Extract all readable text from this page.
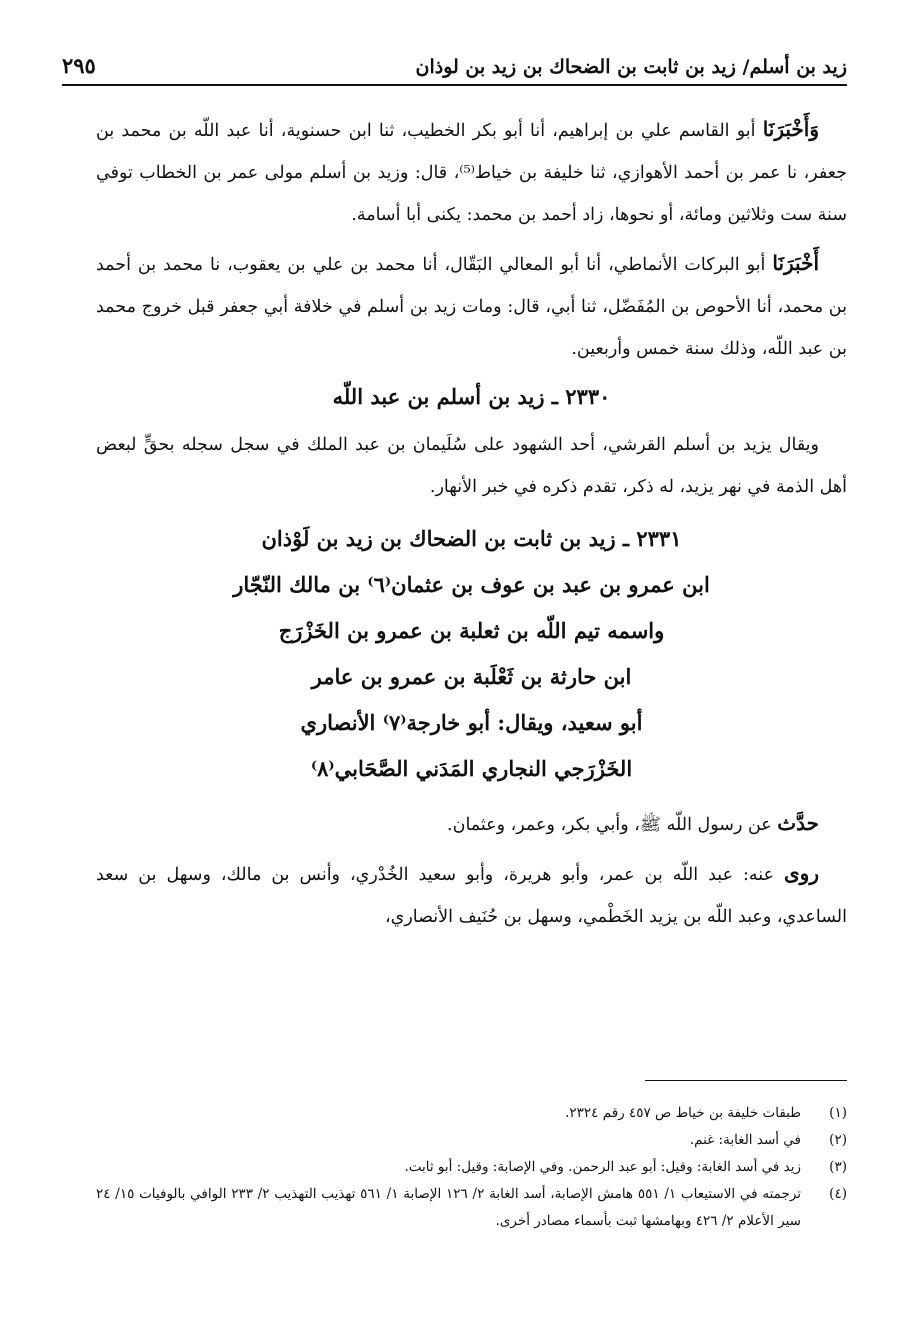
زيد بن أسلم/ زيد بن ثابت بن الضحاك بن زيد بن لوذان
٢٩٥

وَأَخْبَرَنَا أبو القاسم علي بن إبراهيم، أنا أبو بكر الخطيب، ثنا ابن حسنوية، أنا عبد اللّه بن محمد بن جعفر، نا عمر بن أحمد الأهوازي، ثنا خليفة بن خياط⁽⁵⁾، قال: وزيد بن أسلم مولى عمر بن الخطاب توفي سنة ست وثلاثين ومائة، أو نحوها، زاد أحمد بن محمد: يكنى أبا أسامة.

أَخْبَرَنَا أبو البركات الأنماطي، أنا أبو المعالي البَقّال، أنا محمد بن علي بن يعقوب، نا محمد بن أحمد بن محمد، أنا الأحوص بن المُفَضّل، ثنا أبي، قال: ومات زيد بن أسلم في خلافة أبي جعفر قبل خروج محمد بن عبد اللّه، وذلك سنة خمس وأربعين.

٢٣٣٠ ـ زيد بن أسلم بن عبد اللّه

ويقال يزيد بن أسلم القرشي، أحد الشهود على سُلَيمان بن عبد الملك في سجل سجله بحقٍّ لبعض أهل الذمة في نهر يزيد، له ذكر، تقدم ذكره في خبر الأنهار.

٢٣٣١ ـ زيد بن ثابت بن الضحاك بن زيد بن لَوْذان
ابن عمرو بن عبد بن عوف بن عثمان⁽٦⁾ بن مالك النّجّار
واسمه تيم اللّه بن ثعلبة بن عمرو بن الخَزْرَج
ابن حارثة بن ثَعْلَبة بن عمرو بن عامر
أبو سعيد، ويقال: أبو خارجة⁽٧⁾ الأنصاري
الخَزْرَجي النجاري المَدَني الصَّحَابي⁽٨⁾

حدَّث عن رسول اللّه ﷺ، وأبي بكر، وعمر، وعثمان.

روى عنه: عبد اللّه بن عمر، وأبو هريرة، وأبو سعيد الخُدْري، وأنس بن مالك، وسهل بن سعد الساعدي، وعبد اللّه بن يزيد الخَطْمي، وسهل بن حُنَيف الأنصاري،

(١)
طبقات خليفة بن خياط ص ٤٥٧ رقم ٢٣٢٤.
(٢)
في أسد الغابة: غنم.
(٣)
زيد في أسد الغابة: وقيل: أبو عبد الرحمن. وفي الإصابة: وقيل: أبو ثابت.
(٤)
ترجمته في الاستيعاب ١/ ٥٥١ هامش الإصابة، أسد الغابة ٢/ ١٢٦ الإصابة ١/ ٥٦١ تهذيب التهذيب ٢/ ٢٣٣ الوافي بالوفيات ١٥/ ٢٤ سير الأعلام ٢/ ٤٢٦ وبهامشها ثبت بأسماء مصادر أخرى.
